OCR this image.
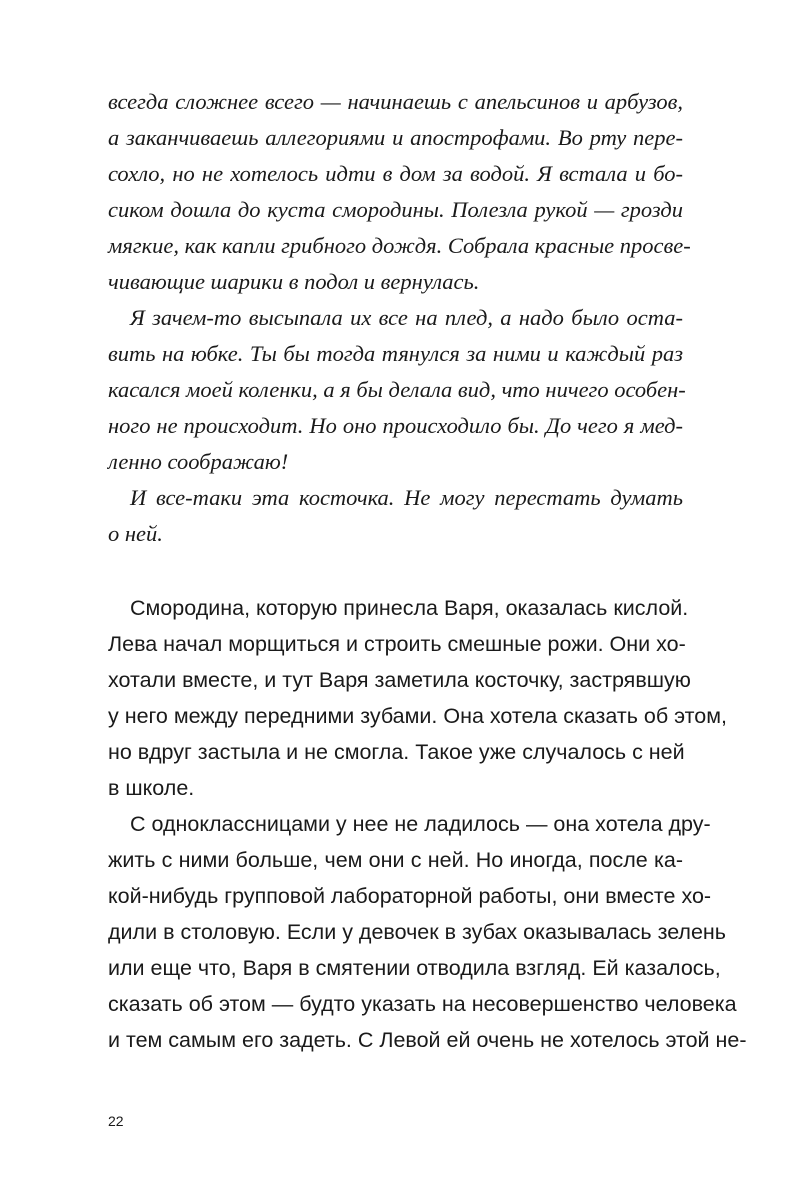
всегда сложнее всего — начинаешь с апельсинов и арбузов,
а заканчиваешь аллегориями и апострофами. Во рту пере-
сохло, но не хотелось идти в дом за водой. Я встала и бо-
сиком дошла до куста смородины. Полезла рукой — грозди
мягкие, как капли грибного дождя. Собрала красные просве-
чивающие шарики в подол и вернулась.
Я зачем-то высыпала их все на плед, а надо было оста-
вить на юбке. Ты бы тогда тянулся за ними и каждый раз
касался моей коленки, а я бы делала вид, что ничего особен-
ного не происходит. Но оно происходило бы. До чего я мед-
ленно соображаю!
И все-таки эта косточка. Не могу перестать думать
о ней.
Смородина, которую принесла Варя, оказалась кислой.
Лева начал морщиться и строить смешные рожи. Они хо-
хотали вместе, и тут Варя заметила косточку, застрявшую
у него между передними зубами. Она хотела сказать об этом,
но вдруг застыла и не смогла. Такое уже случалось с ней
в школе.
С одноклассницами у нее не ладилось — она хотела дру-
жить с ними больше, чем они с ней. Но иногда, после ка-
кой-нибудь групповой лабораторной работы, они вместе хо-
дили в столовую. Если у девочек в зубах оказывалась зелень
или еще что, Варя в смятении отводила взгляд. Ей казалось,
сказать об этом — будто указать на несовершенство человека
и тем самым его задеть. С Левой ей очень не хотелось этой не-
22
